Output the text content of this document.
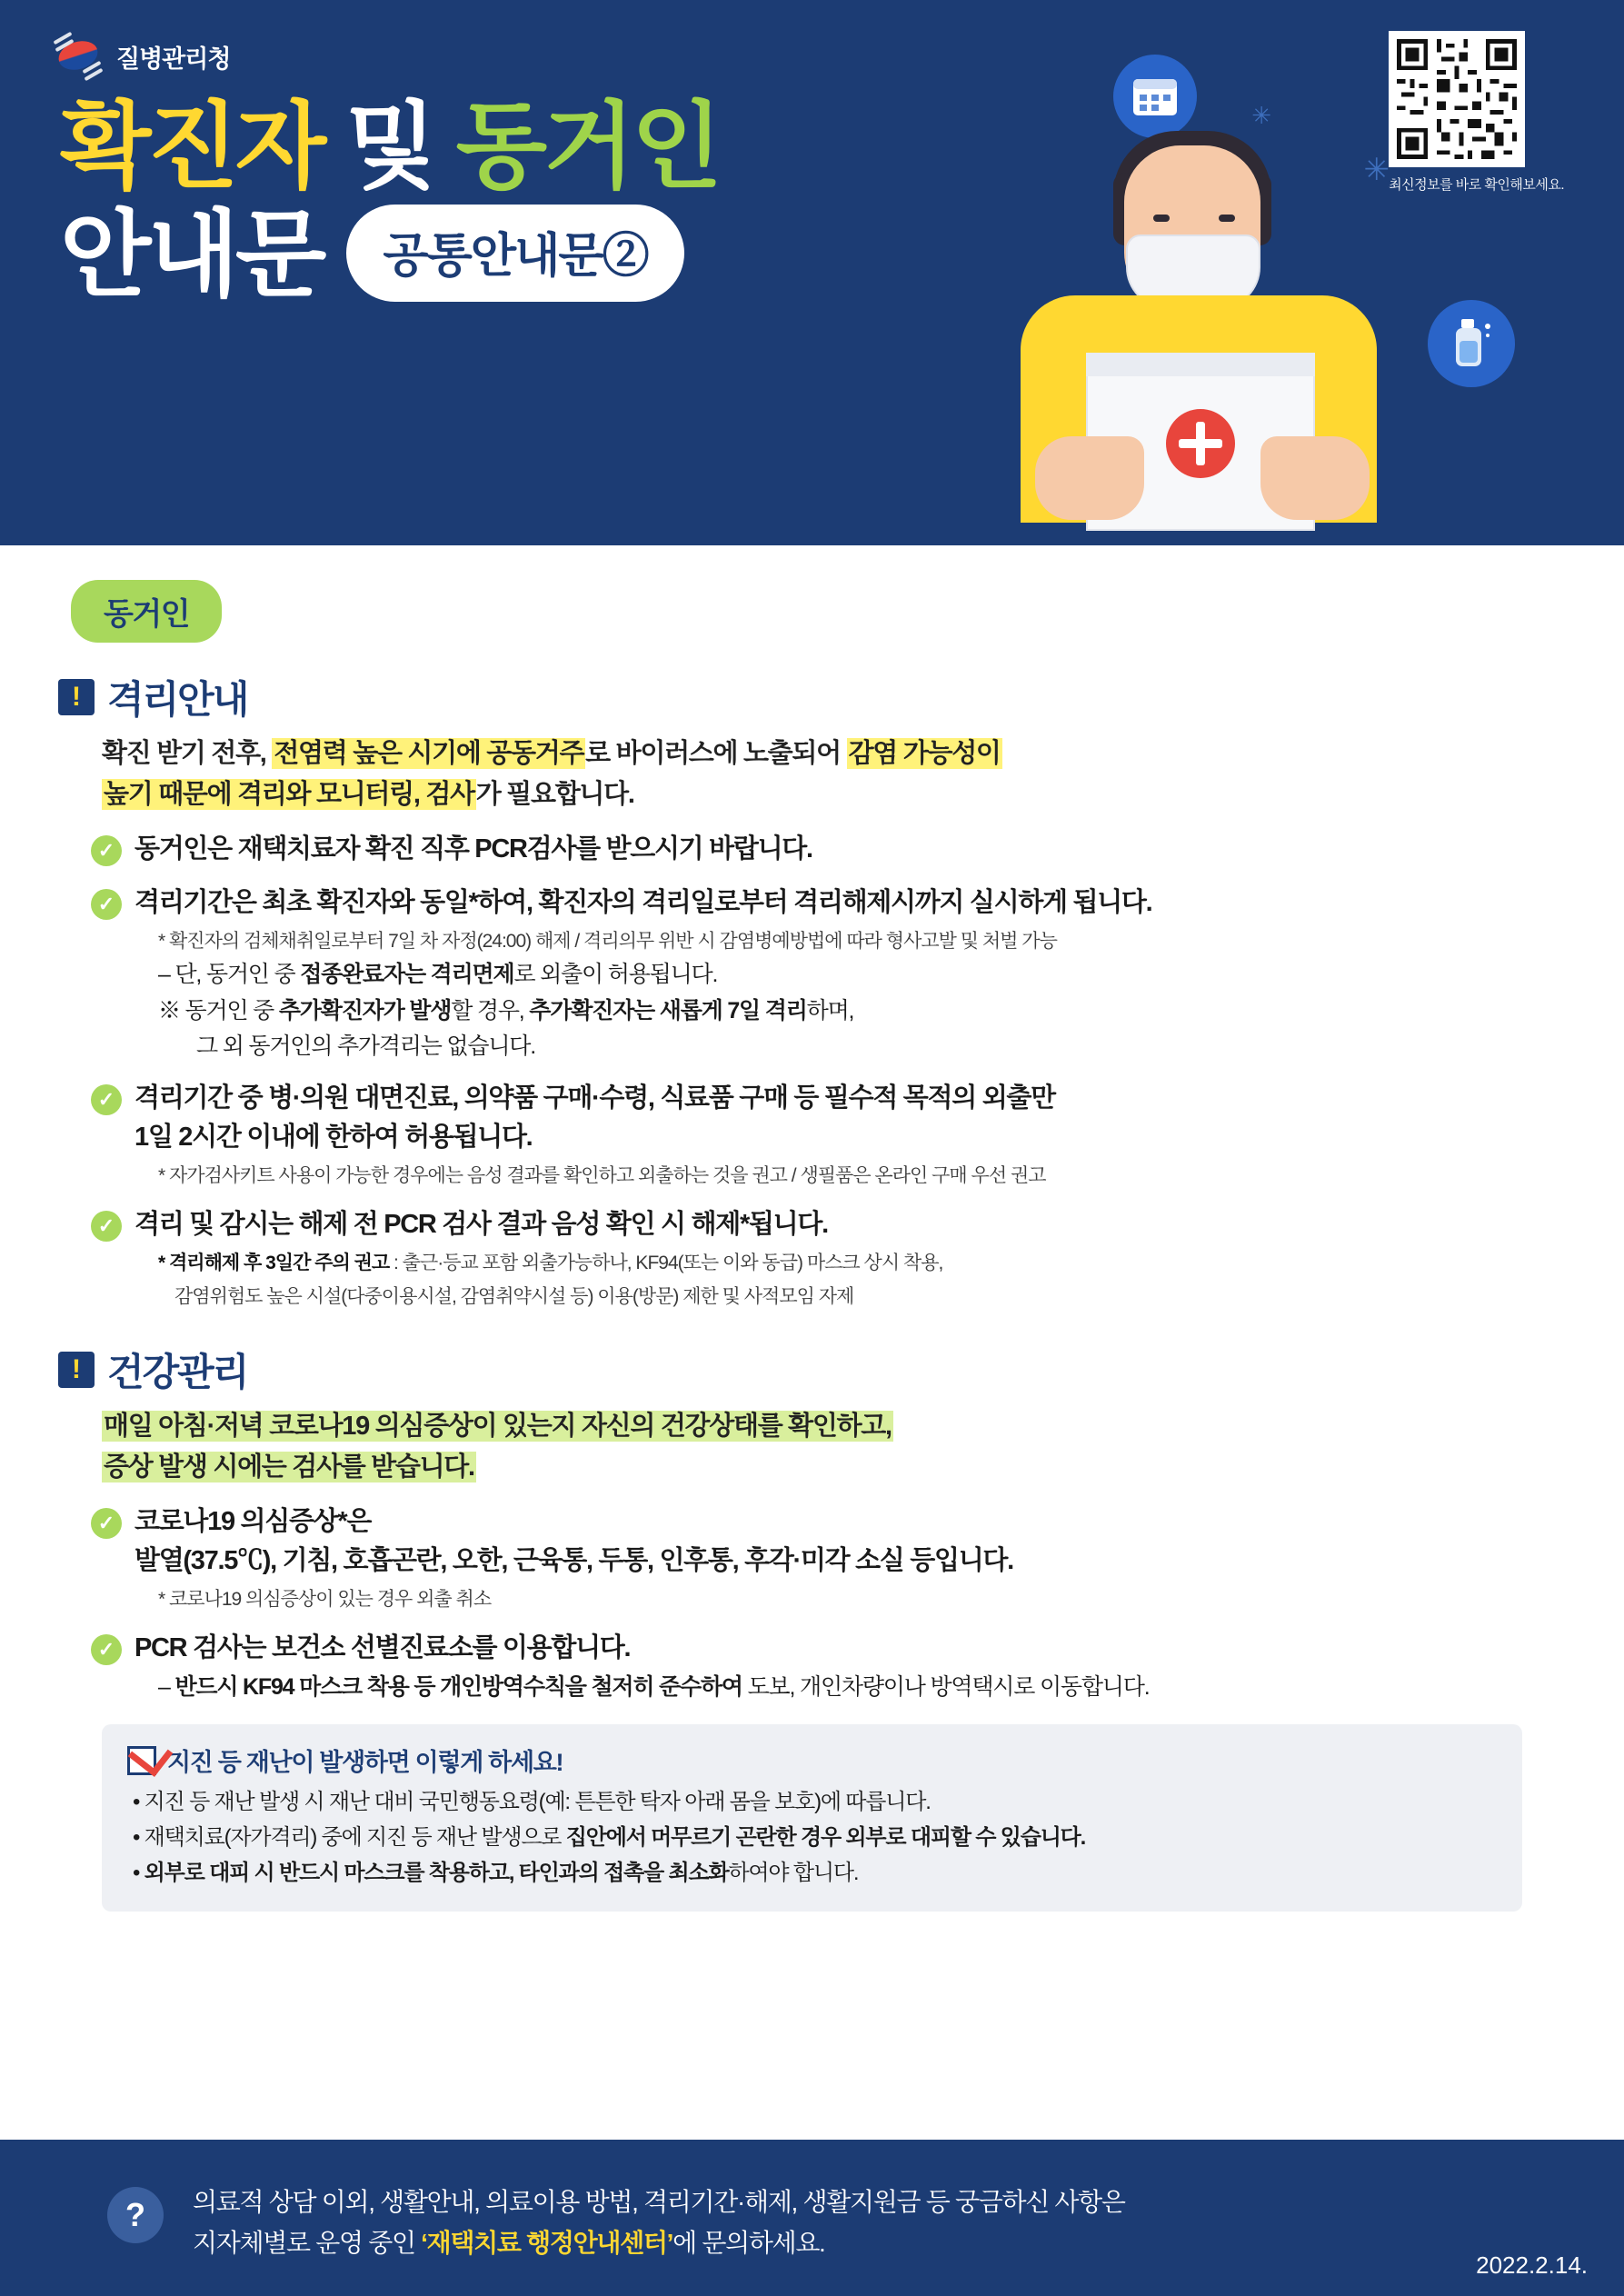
질병관리청
✳
✳
확진자 및 동거인
안내문	공통안내문②
최신정보를 바로 확인해보세요.
동거인
! 격리안내
확진 받기 전후, 전염력 높은 시기에 공동거주로 바이러스에 노출되어 감염 가능성이
높기 때문에 격리와 모니터링, 검사가 필요합니다.
✓ 동거인은 재택치료자 확진 직후 PCR검사를 받으시기 바랍니다.
✓ 격리기간은 최초 확진자와 동일*하여, 확진자의 격리일로부터 격리해제시까지 실시하게 됩니다.
* 확진자의 검체채취일로부터 7일 차 자정(24:00) 해제 / 격리의무 위반 시 감염병예방법에 따라 형사고발 및 처벌 가능
– 단, 동거인 중 접종완료자는 격리면제로 외출이 허용됩니다.
※ 동거인 중 추가확진자가 발생할 경우, 추가확진자는 새롭게 7일 격리하며,
그 외 동거인의 추가격리는 없습니다.
✓ 격리기간 중 병·의원 대면진료, 의약품 구매·수령, 식료품 구매 등 필수적 목적의 외출만
1일 2시간 이내에 한하여 허용됩니다.
* 자가검사키트 사용이 가능한 경우에는 음성 결과를 확인하고 외출하는 것을 권고 / 생필품은 온라인 구매 우선 권고
✓ 격리 및 감시는 해제 전 PCR 검사 결과 음성 확인 시 해제*됩니다.
* 격리해제 후 3일간 주의 권고 : 출근·등교 포함 외출가능하나, KF94(또는 이와 동급) 마스크 상시 착용,
감염위험도 높은 시설(다중이용시설, 감염취약시설 등) 이용(방문) 제한 및 사적모임 자제
! 건강관리
매일 아침·저녁 코로나19 의심증상이 있는지 자신의 건강상태를 확인하고,
증상 발생 시에는 검사를 받습니다.
✓ 코로나19 의심증상*은
발열(37.5℃), 기침, 호흡곤란, 오한, 근육통, 두통, 인후통, 후각·미각 소실 등입니다.
* 코로나19 의심증상이 있는 경우 외출 취소
✓ PCR 검사는 보건소 선별진료소를 이용합니다.
– 반드시 KF94 마스크 착용 등 개인방역수칙을 철저히 준수하여 도보, 개인차량이나 방역택시로 이동합니다.
지진 등 재난이 발생하면 이렇게 하세요!
• 지진 등 재난 발생 시 재난 대비 국민행동요령(예: 튼튼한 탁자 아래 몸을 보호)에 따릅니다.
• 재택치료(자가격리) 중에 지진 등 재난 발생으로 집안에서 머무르기 곤란한 경우 외부로 대피할 수 있습니다.
• 외부로 대피 시 반드시 마스크를 착용하고, 타인과의 접촉을 최소화하여야 합니다.
?	의료적 상담 이외, 생활안내, 의료이용 방법, 격리기간·해제, 생활지원금 등 궁금하신 사항은
지자체별로 운영 중인 ‘재택치료 행정안내센터’에 문의하세요.
2022.2.14.
